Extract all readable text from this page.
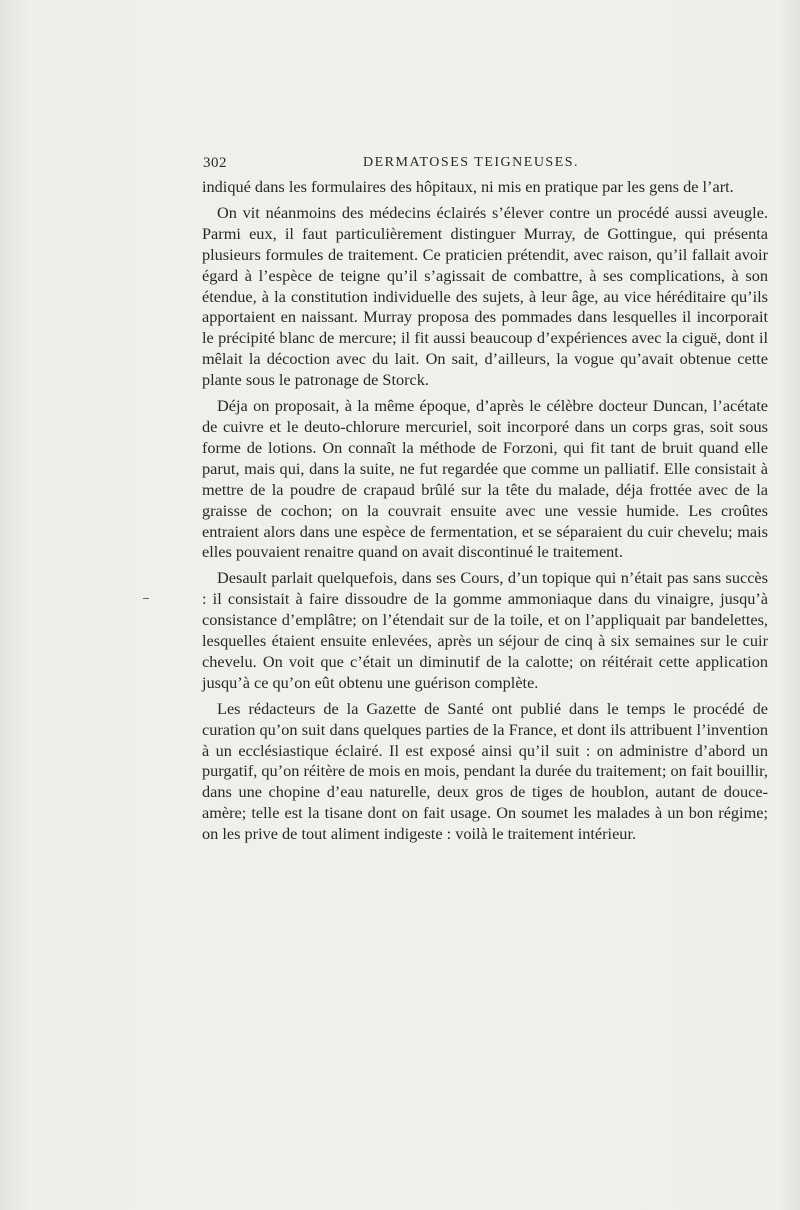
302	DERMATOSES TEIGNEUSES.

indiqué dans les formulaires des hôpitaux, ni mis en pratique par les gens de l’art.

On vit néanmoins des médecins éclairés s’élever contre un procédé aussi aveugle. Parmi eux, il faut particulièrement distinguer Murray, de Gottingue, qui présenta plusieurs formules de traitement. Ce praticien prétendit, avec raison, qu’il fallait avoir égard à l’espèce de teigne qu’il s’agissait de combattre, à ses complications, à son étendue, à la constitution individuelle des sujets, à leur âge, au vice héréditaire qu’ils apportaient en naissant. Murray proposa des pommades dans lesquelles il incorporait le précipité blanc de mercure; il fit aussi beaucoup d’expériences avec la ciguë, dont il mêlait la décoction avec du lait. On sait, d’ailleurs, la vogue qu’avait obtenue cette plante sous le patronage de Storck.

Déja on proposait, à la même époque, d’après le célèbre docteur Duncan, l’acétate de cuivre et le deuto-chlorure mercuriel, soit incorporé dans un corps gras, soit sous forme de lotions. On connaît la méthode de Forzoni, qui fit tant de bruit quand elle parut, mais qui, dans la suite, ne fut regardée que comme un palliatif. Elle consistait à mettre de la poudre de crapaud brûlé sur la tête du malade, déja frottée avec de la graisse de cochon; on la couvrait ensuite avec une vessie humide. Les croûtes entraient alors dans une espèce de fermentation, et se séparaient du cuir chevelu; mais elles pouvaient renaitre quand on avait discontinué le traitement.

Desault parlait quelquefois, dans ses Cours, d’un topique qui n’était pas sans succès : il consistait à faire dissoudre de la gomme ammoniaque dans du vinaigre, jusqu’à consistance d’emplâtre; on l’étendait sur de la toile, et on l’appliquait par bandelettes, lesquelles étaient ensuite enlevées, après un séjour de cinq à six semaines sur le cuir chevelu. On voit que c’était un diminutif de la calotte; on réitérait cette application jusqu’à ce qu’on eût obtenu une guérison complète.

Les rédacteurs de la Gazette de Santé ont publié dans le temps le procédé de curation qu’on suit dans quelques parties de la France, et dont ils attribuent l’invention à un ecclésiastique éclairé. Il est exposé ainsi qu’il suit : on administre d’abord un purgatif, qu’on réitère de mois en mois, pendant la durée du traitement; on fait bouillir, dans une chopine d’eau naturelle, deux gros de tiges de houblon, autant de douce-amère; telle est la tisane dont on fait usage. On soumet les malades à un bon régime; on les prive de tout aliment indigeste : voilà le traitement intérieur.
